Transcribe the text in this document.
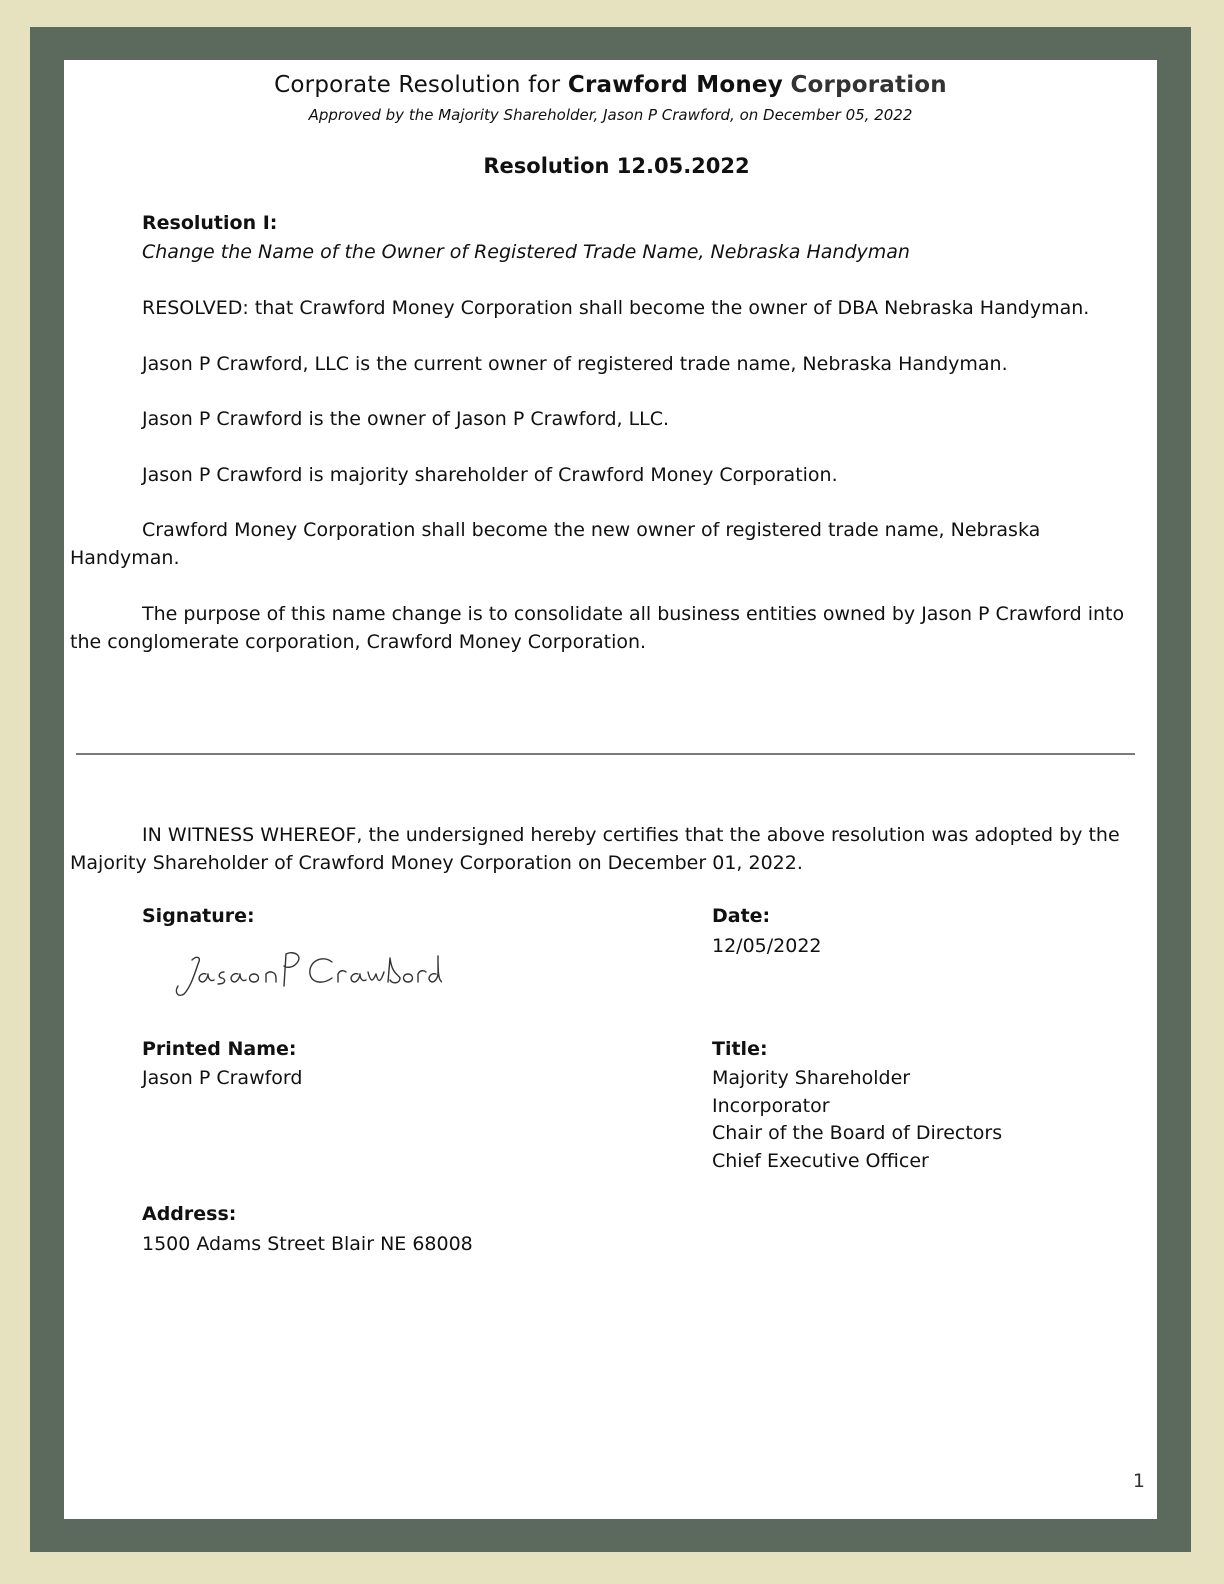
Corporate Resolution for Crawford Money Corporation
Approved by the Majority Shareholder, Jason P Crawford, on December 05, 2022
Resolution 12.05.2022
Resolution I:
Change the Name of the Owner of Registered Trade Name, Nebraska Handyman
RESOLVED: that Crawford Money Corporation shall become the owner of DBA Nebraska Handyman.
Jason P Crawford, LLC is the current owner of registered trade name, Nebraska Handyman.
Jason P Crawford is the owner of Jason P Crawford, LLC.
Jason P Crawford is majority shareholder of Crawford Money Corporation.
Crawford Money Corporation shall become the new owner of registered trade name, Nebraska Handyman.
The purpose of this name change is to consolidate all business entities owned by Jason P Crawford into the conglomerate corporation, Crawford Money Corporation.
IN WITNESS WHEREOF, the undersigned hereby certifies that the above resolution was adopted by the Majority Shareholder of Crawford Money Corporation on December 01, 2022.
Signature:	Date:
12/05/2022
Printed Name:
Jason P Crawford
Title:
Majority Shareholder
Incorporator
Chair of the Board of Directors
Chief Executive Officer
Address:
1500 Adams Street Blair NE 68008
1
